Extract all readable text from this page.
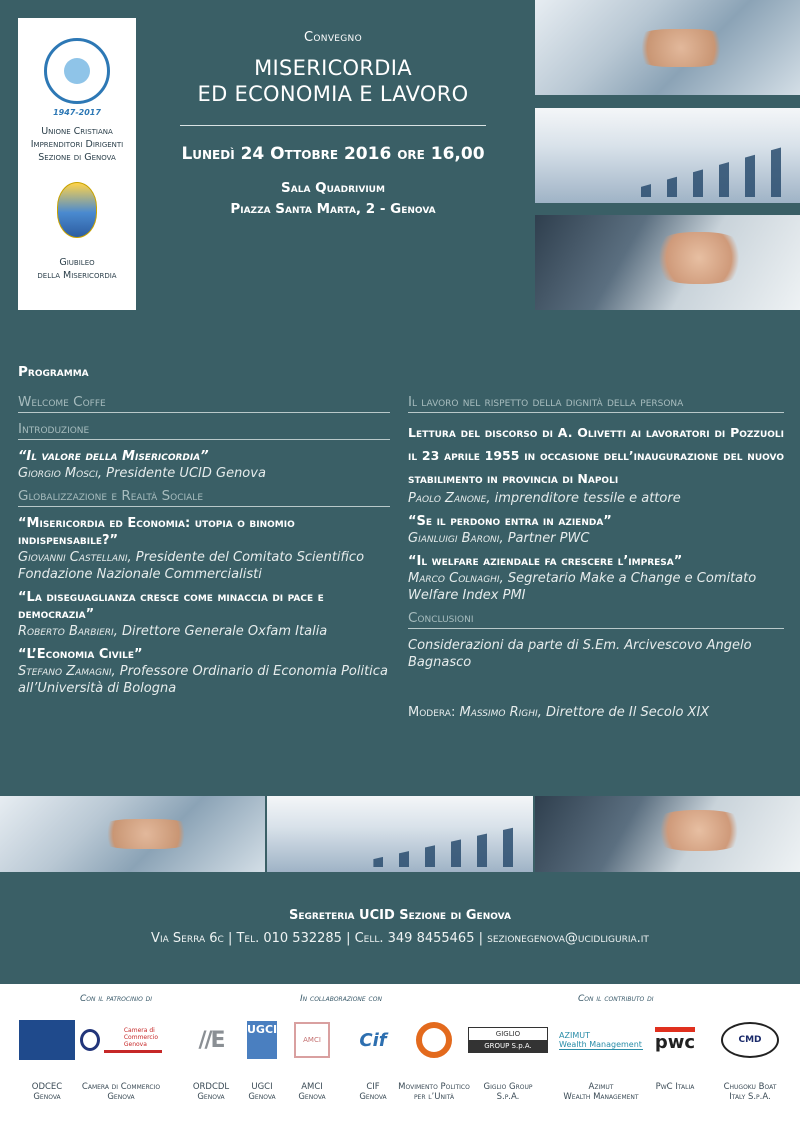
1947-2017
Unione Cristiana
Imprenditori Dirigenti
Sezione di Genova
Giubileo
della Misericordia
Convegno
MISERICORDIA
ED ECONOMIA E LAVORO
Lunedì 24 Ottobre 2016 ore 16,00
Sala Quadrivium
Piazza Santa Marta, 2 - Genova
Programma
Welcome Coffe
Introduzione
“Il valore della Misericordia”
Giorgio Mosci, Presidente UCID Genova
Globalizzazione e Realtà Sociale
“Misericordia ed Economia: utopia o binomio indispensabile?”
Giovanni Castellani, Presidente del Comitato Scientifico Fondazione Nazionale Commercialisti
“La diseguaglianza cresce come minaccia di pace e democrazia”
Roberto Barbieri, Direttore Generale Oxfam Italia
“L’Economia Civile”
Stefano Zamagni, Professore Ordinario di Economia Politica all’Università di Bologna
Il lavoro nel rispetto della dignità della persona
Lettura del discorso di A. Olivetti ai lavoratori di Pozzuoli il 23 aprile 1955 in occasione dell’inaugurazione del nuovo stabilimento in provincia di Napoli
Paolo Zanone, imprenditore tessile e attore
“Se il perdono entra in azienda”
Gianluigi Baroni, Partner PWC
“Il welfare aziendale fa crescere l’impresa”
Marco Colnaghi, Segretario Make a Change e Comitato Welfare Index PMI
Conclusioni
Considerazioni da parte di S.Em. Arcivescovo Angelo Bagnasco
Modera: Massimo Righi, Direttore de Il Secolo XIX
Segreteria UCID Sezione di Genova
Via Serra 6c | Tel. 010 532285 | Cell. 349 8455465 | sezionegenova@ucidliguria.it
Con il patrocinio di	In collaborazione con	Con il contributo di
ODCEC
Genova
Camera di Commercio Genova
Camera di Commercio
Genova
//E
ORDCDL
Genova
UGCI
UGCI
Genova
AMCI
AMCI
Genova
Cif
CIF
Genova
Movimento Politico
per l’Unità
GIGLIO
GROUP S.p.A.
Giglio Group
S.p.A.
AZIMUT
Wealth Management
Azimut
Wealth Management
pwc
PwC Italia
CMD
Chugoku Boat
Italy S.p.A.
